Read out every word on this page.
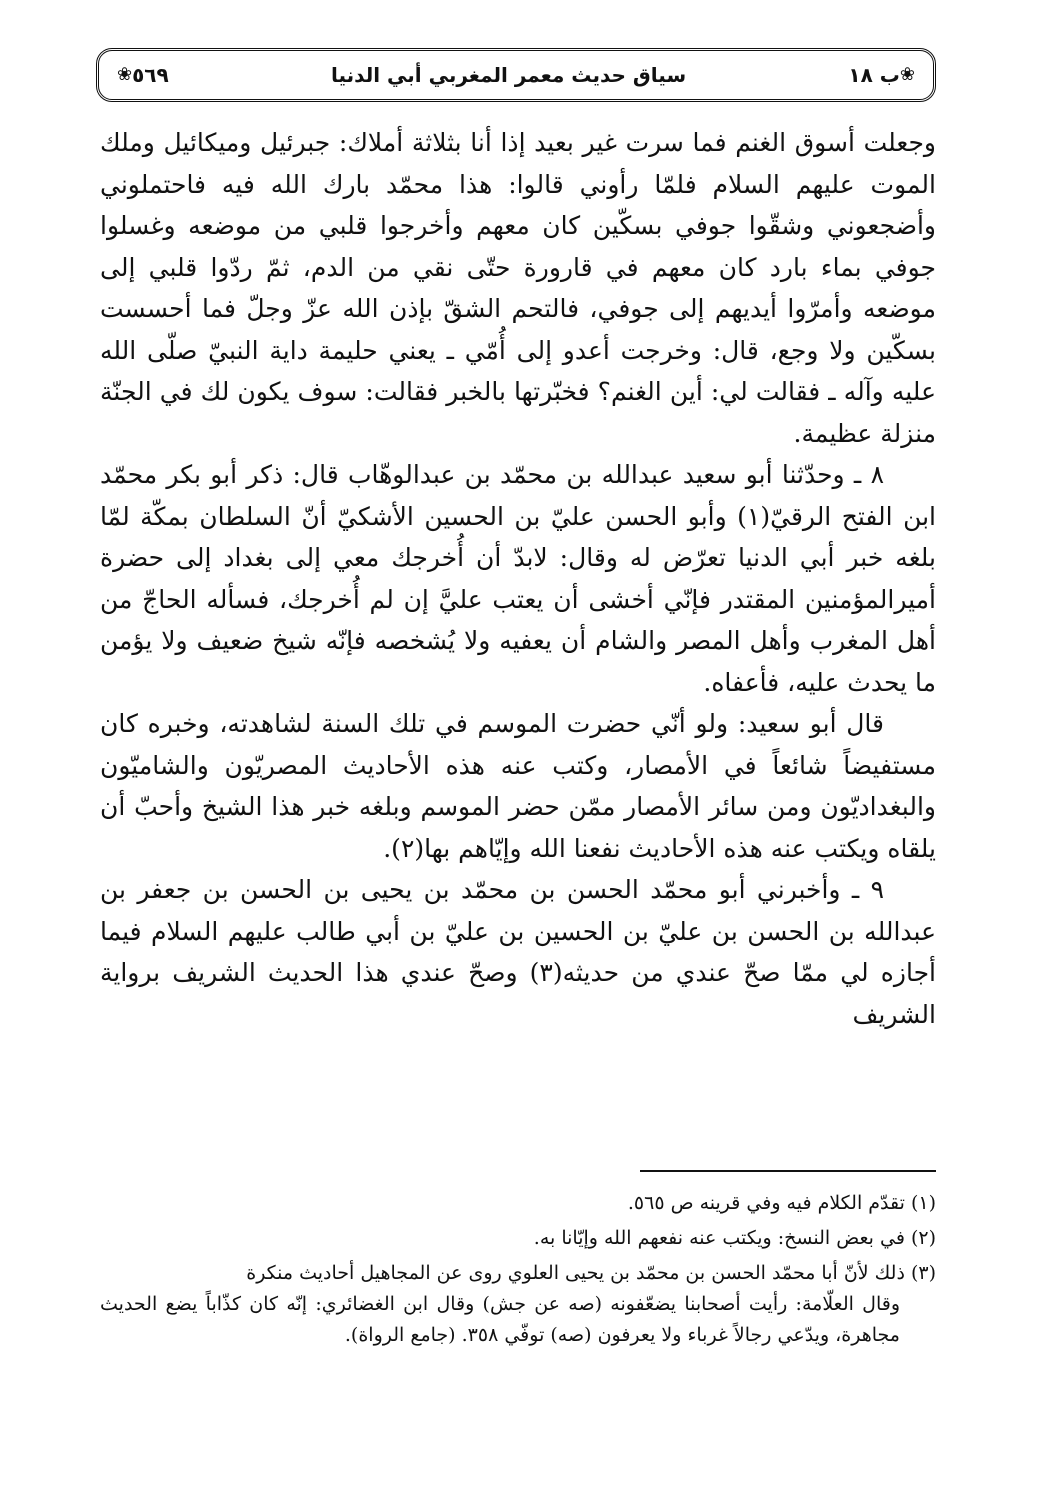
❀
ب ١٨
سياق حديث معمر المغربي أبي الدنيا
٥٦٩
❀

وجعلت أسوق الغنم فما سرت غير بعيد إذا أنا بثلاثة أملاك: جبرئيل وميكائيل وملك الموت عليهم السلام فلمّا رأوني قالوا: هذا محمّد بارك الله فيه فاحتملوني وأضجعوني وشقّوا جوفي بسكّين كان معهم وأخرجوا قلبي من موضعه وغسلوا جوفي بماء بارد كان معهم في قارورة حتّى نقي من الدم، ثمّ ردّوا قلبي إلى موضعه وأمرّوا أيديهم إلى جوفي، فالتحم الشقّ بإذن الله عزّ وجلّ فما أحسست بسكّين ولا وجع، قال: وخرجت أعدو إلى أُمّي ـ يعني حليمة داية النبيّ صلّى الله عليه وآله ـ فقالت لي: أين الغنم؟ فخبّرتها بالخبر فقالت: سوف يكون لك في الجنّة منزلة عظيمة.

٨ ـ وحدّثنا أبو سعيد عبدالله بن محمّد بن عبدالوهّاب قال: ذكر أبو بكر محمّد ابن الفتح الرقيّ(١) وأبو الحسن عليّ بن الحسين الأشكيّ أنّ السلطان بمكّة لمّا بلغه خبر أبي الدنيا تعرّض له وقال: لابدّ أن أُخرجك معي إلى بغداد إلى حضرة أميرالمؤمنين المقتدر فإنّي أخشى أن يعتب عليَّ إن لم أُخرجك، فسأله الحاجّ من أهل المغرب وأهل المصر والشام أن يعفيه ولا يُشخصه فإنّه شيخ ضعيف ولا يؤمن ما يحدث عليه، فأعفاه.

قال أبو سعيد: ولو أنّي حضرت الموسم في تلك السنة لشاهدته، وخبره كان مستفيضاً شائعاً في الأمصار، وكتب عنه هذه الأحاديث المصريّون والشاميّون والبغداديّون ومن سائر الأمصار ممّن حضر الموسم وبلغه خبر هذا الشيخ وأحبّ أن يلقاه ويكتب عنه هذه الأحاديث نفعنا الله وإيّاهم بها(٢).

٩ ـ وأخبرني أبو محمّد الحسن بن محمّد بن يحيى بن الحسن بن جعفر بن عبدالله بن الحسن بن عليّ بن الحسين بن عليّ بن أبي طالب عليهم السلام فيما أجازه لي ممّا صحّ عندي من حديثه(٣) وصحّ عندي هذا الحديث الشريف برواية الشريف

(١) تقدّم الكلام فيه وفي قرينه ص ٥٦٥.

(٢) في بعض النسخ: ويكتب عنه نفعهم الله وإيّانا به.

(٣) ذلك لأنّ أبا محمّد الحسن بن محمّد بن يحيى العلوي روى عن المجاهيل أحاديث منكرة
وقال العلّامة: رأيت أصحابنا يضعّفونه (صه عن جش) وقال ابن الغضائري: إنّه كان كذّاباً يضع الحديث مجاهرة، ويدّعي رجالاً غرباء ولا يعرفون (صه) توفّي ٣٥٨. (جامع الرواة).
